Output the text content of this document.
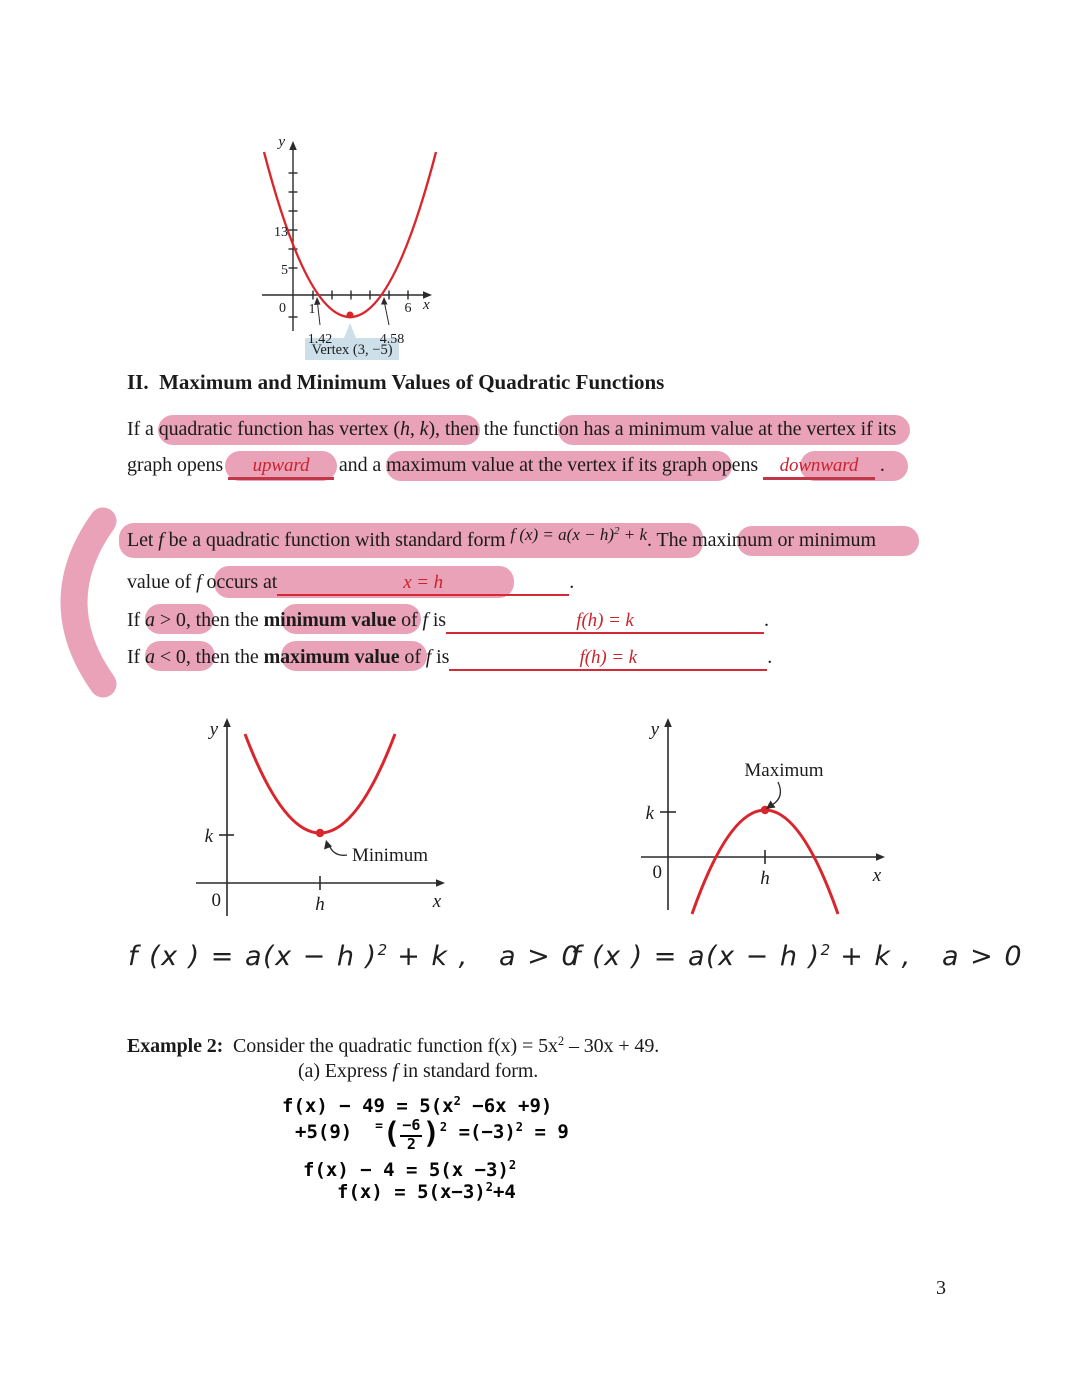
y
13
5
0 1	6 x
1.42	4.58
Vertex (3, −5)
II.  Maximum and Minimum Values of Quadratic Functions
If a quadratic function has vertex (h, k), then the function has a minimum value at the vertex if its
graph opens upward and a maximum value at the vertex if its graph opens downward .
Let f be a quadratic function with standard form $^{f (x) = a(x - h)^2 + k}$. The maximum or minimum
value of f occurs at	x = h	.
If a > 0, then the minimum value of f is	f(h) = k	.
If a < 0, then the maximum value of f is	f(h) = k	.
y
k
0	h	x
Minimum
y
k
0	h	x
Maximum
f (x ) = a(x − h )$^2$ + k ,   a > 0
f (x ) = a(x − h )$^2$ + k ,   a > 0
Example 2:  Consider the quadratic function $f(x) = 5x^2 - 30x + 49$.
(a) Express f in standard form.
$f(x) - 49 = 5(x^2 -6x +9)$
+5(9)  $^=( \frac{-6}{2})^2 =(-3)^2 = 9$
$f(x) - 4 = 5(x -3)^2$
$f(x) = 5(x-3)^2+4$
3
